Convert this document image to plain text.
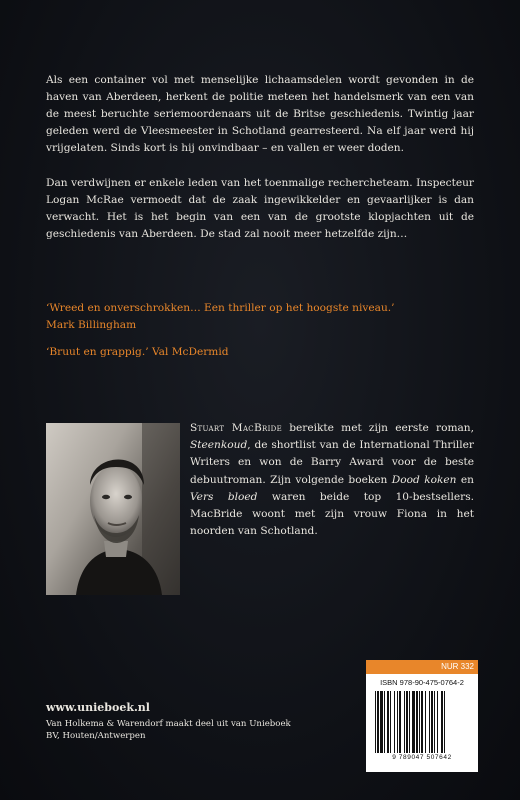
Als een container vol met menselijke lichaamsdelen wordt gevonden in de haven van Aberdeen, herkent de politie meteen het handelsmerk van een van de meest beruchte seriemoordenaars uit de Britse geschiedenis. Twintig jaar geleden werd de Vleesmeester in Schotland gearresteerd. Na elf jaar werd hij vrijgelaten. Sinds kort is hij onvindbaar – en vallen er weer doden.

Dan verdwijnen er enkele leden van het toenmalige rechercheteam. Inspecteur Logan McRae vermoedt dat de zaak ingewikkelder en gevaarlijker is dan verwacht. Het is het begin van een van de grootste klopjachten uit de geschiedenis van Aberdeen. De stad zal nooit meer hetzelfde zijn…

‘Wreed en onverschrokken… Een thriller op het hoogste niveau.’
Mark Billingham

‘Bruut en grappig.’ Val McDermid

Stuart MacBride bereikte met zijn eerste roman, Steenkoud, de shortlist van de International Thriller Writers en won de Barry Award voor de beste debuutroman. Zijn volgende boeken Dood koken en Vers bloed waren beide top 10-bestsellers. MacBride woont met zijn vrouw Fiona in het noorden van Schotland.

www.unieboek.nl

Van Holkema & Warendorf maakt deel uit van Unieboek BV, Houten/Antwerpen

NUR 332
ISBN 978-90-475-0764-2
9 789047 507642
